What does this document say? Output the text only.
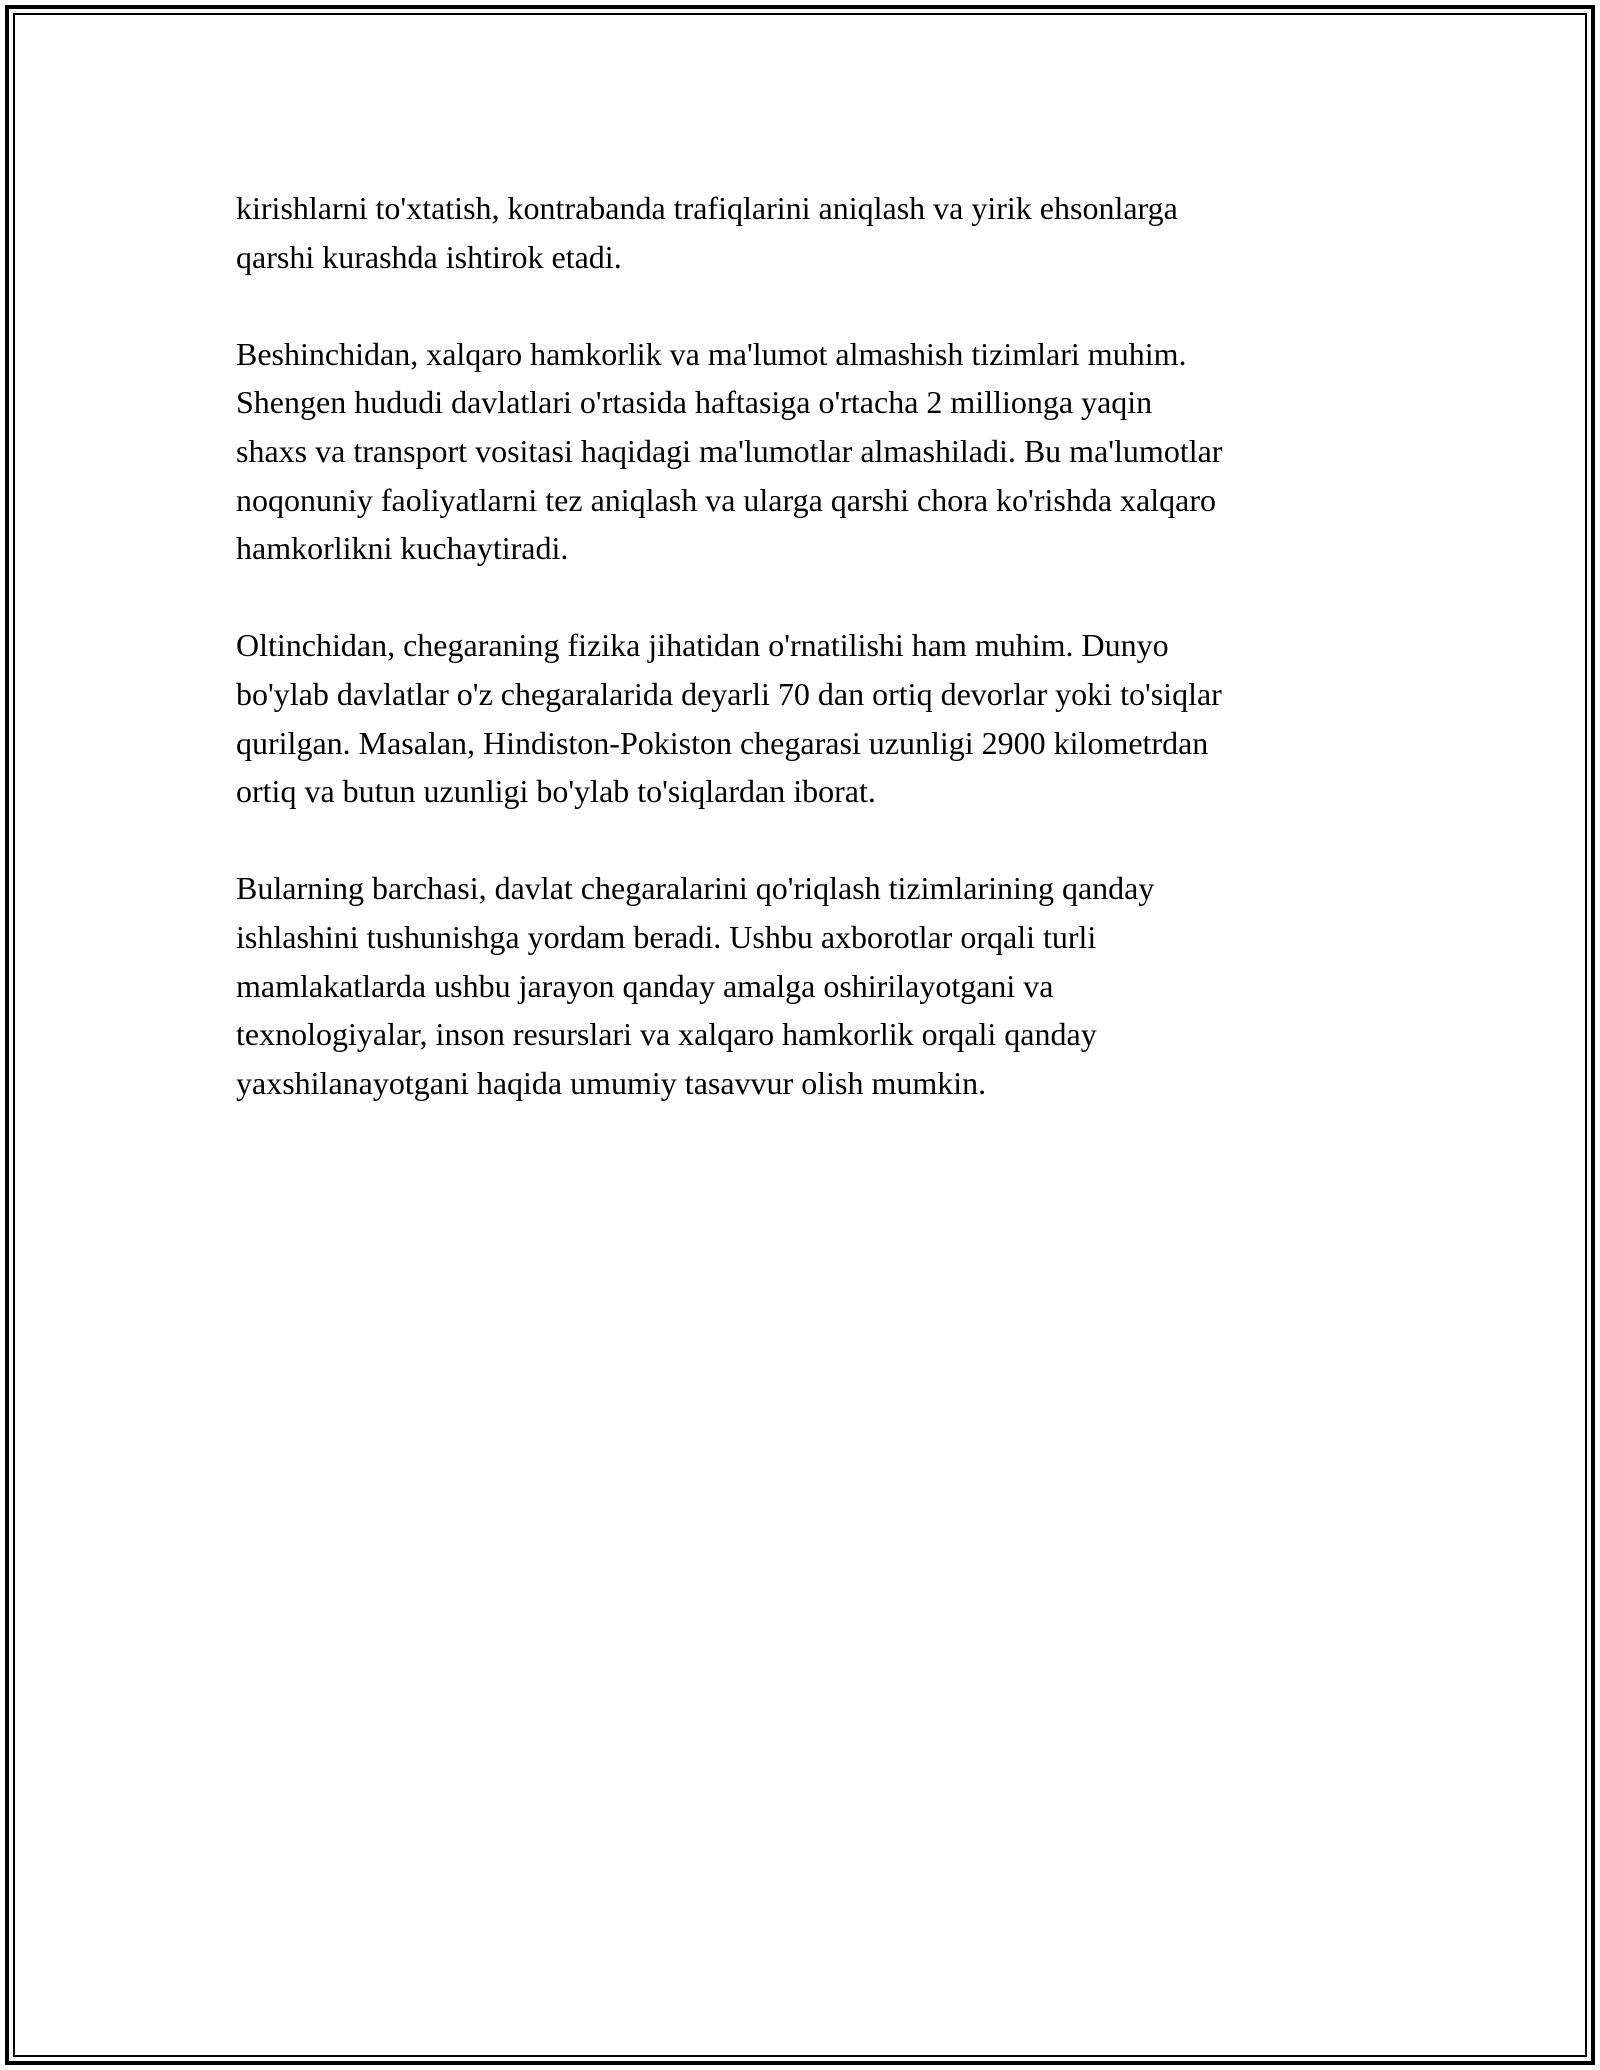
kirishlarni to'xtatish, kontrabanda trafiqlarini aniqlash va yirik ehsonlarga
qarshi kurashda ishtirok etadi.

Beshinchidan, xalqaro hamkorlik va ma'lumot almashish tizimlari muhim.
Shengen hududi davlatlari o'rtasida haftasiga o'rtacha 2 millionga yaqin
shaxs va transport vositasi haqidagi ma'lumotlar almashiladi. Bu ma'lumotlar
noqonuniy faoliyatlarni tez aniqlash va ularga qarshi chora ko'rishda xalqaro
hamkorlikni kuchaytiradi.

Oltinchidan, chegaraning fizika jihatidan o'rnatilishi ham muhim. Dunyo
bo'ylab davlatlar o'z chegaralarida deyarli 70 dan ortiq devorlar yoki to'siqlar
qurilgan. Masalan, Hindiston-Pokiston chegarasi uzunligi 2900 kilometrdan
ortiq va butun uzunligi bo'ylab to'siqlardan iborat.

Bularning barchasi, davlat chegaralarini qo'riqlash tizimlarining qanday
ishlashini tushunishga yordam beradi. Ushbu axborotlar orqali turli
mamlakatlarda ushbu jarayon qanday amalga oshirilayotgani va
texnologiyalar, inson resurslari va xalqaro hamkorlik orqali qanday
yaxshilanayotgani haqida umumiy tasavvur olish mumkin.
